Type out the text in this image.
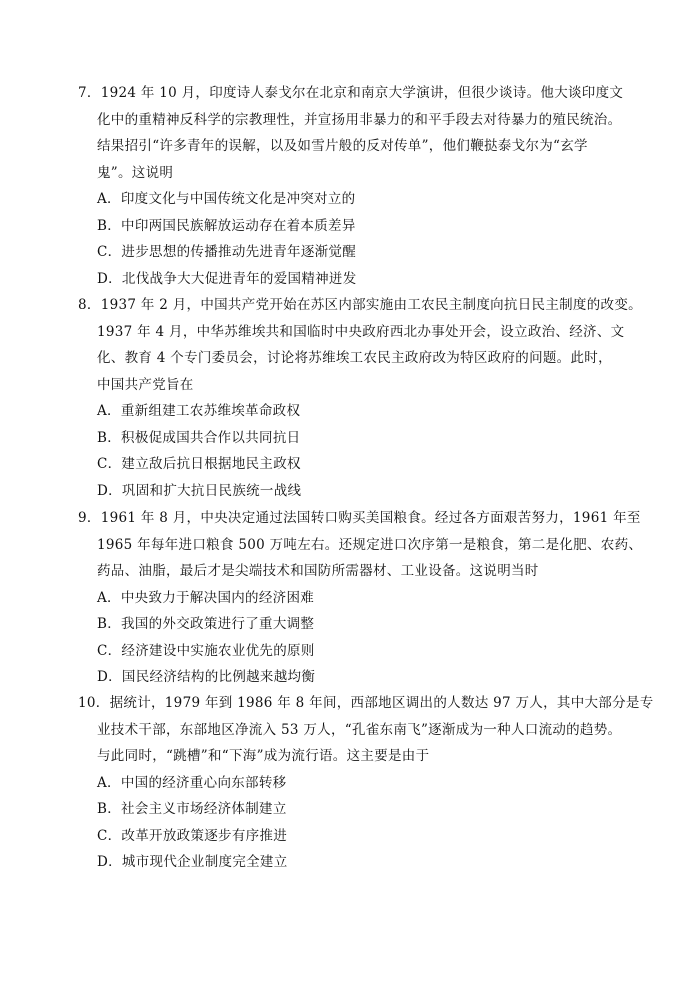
7．1924 年 10 月，印度诗人泰戈尔在北京和南京大学演讲，但很少谈诗。他大谈印度文
化中的重精神反科学的宗教理性，并宣扬用非暴力的和平手段去对待暴力的殖民统治。
结果招引“许多青年的误解，以及如雪片般的反对传单”，他们鞭挞泰戈尔为“玄学
鬼”。这说明
A．印度文化与中国传统文化是冲突对立的
B．中印两国民族解放运动存在着本质差异
C．进步思想的传播推动先进青年逐渐觉醒
D．北伐战争大大促进青年的爱国精神迸发
8．1937 年 2 月，中国共产党开始在苏区内部实施由工农民主制度向抗日民主制度的改变。
1937 年 4 月，中华苏维埃共和国临时中央政府西北办事处开会，设立政治、经济、文
化、教育 4 个专门委员会，讨论将苏维埃工农民主政府改为特区政府的问题。此时，
中国共产党旨在
A．重新组建工农苏维埃革命政权
B．积极促成国共合作以共同抗日
C．建立敌后抗日根据地民主政权
D．巩固和扩大抗日民族统一战线
9．1961 年 8 月，中央决定通过法国转口购买美国粮食。经过各方面艰苦努力，1961 年至
1965 年每年进口粮食 500 万吨左右。还规定进口次序第一是粮食，第二是化肥、农药、
药品、油脂，最后才是尖端技术和国防所需器材、工业设备。这说明当时
A．中央致力于解决国内的经济困难
B．我国的外交政策进行了重大调整
C．经济建设中实施农业优先的原则
D．国民经济结构的比例越来越均衡
10．据统计，1979 年到 1986 年 8 年间，西部地区调出的人数达 97 万人，其中大部分是专
业技术干部，东部地区净流入 53 万人，“孔雀东南飞”逐渐成为一种人口流动的趋势。
与此同时，“跳槽”和“下海”成为流行语。这主要是由于
A．中国的经济重心向东部转移
B．社会主义市场经济体制建立
C．改革开放政策逐步有序推进
D．城市现代企业制度完全建立
